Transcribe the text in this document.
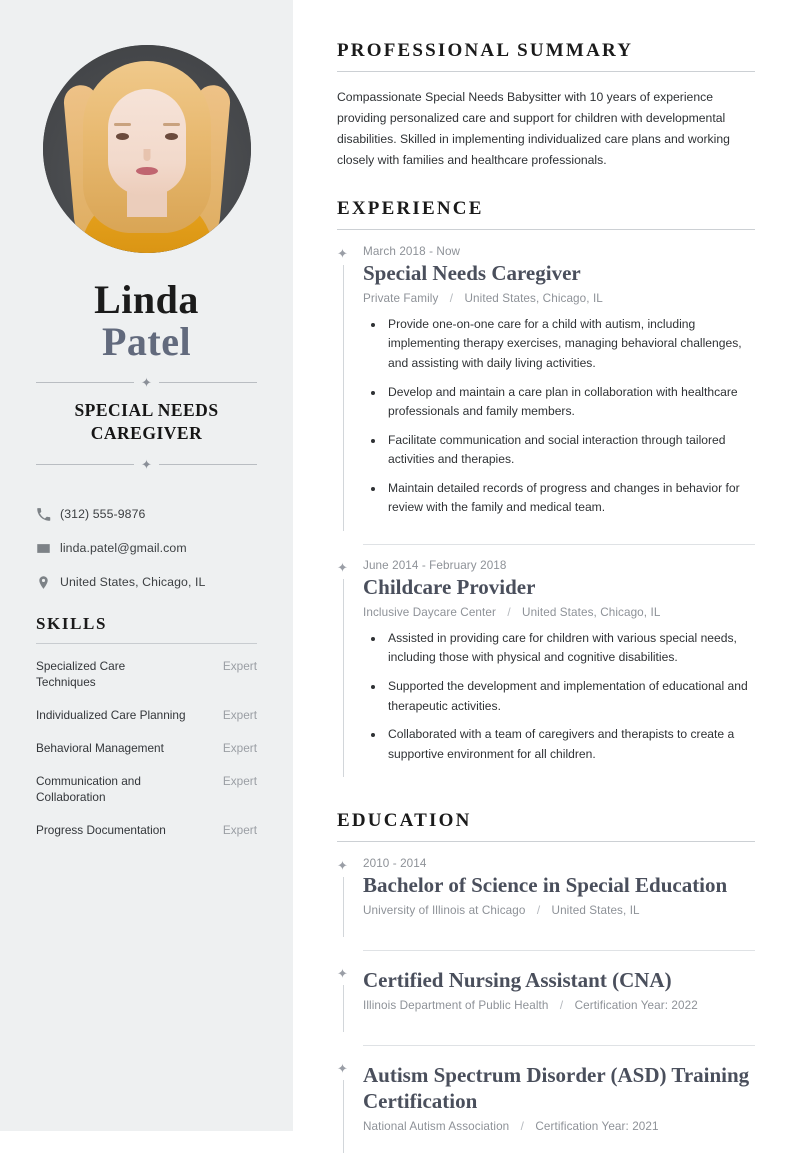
Linda
Patel
✦
SPECIAL NEEDS CAREGIVER
✦
(312) 555-9876
linda.patel@gmail.com
United States, Chicago, IL
SKILLS
Specialized Care Techniques
Expert
Individualized Care Planning	Expert
Behavioral Management	Expert
Communication and Collaboration
Expert
Progress Documentation	Expert
PROFESSIONAL SUMMARY

Compassionate Special Needs Babysitter with 10 years of experience providing personalized care and support for children with developmental disabilities. Skilled in implementing individualized care plans and working closely with families and healthcare professionals.

EXPERIENCE
✦ March 2018 - Now
Special Needs Caregiver
Private Family / United States, Chicago, IL
• Provide one-on-one care for a child with autism, including implementing therapy exercises, managing behavioral challenges, and assisting with daily living activities.
• Develop and maintain a care plan in collaboration with healthcare professionals and family members.
• Facilitate communication and social interaction through tailored activities and therapies.
• Maintain detailed records of progress and changes in behavior for review with the family and medical team.
✦ June 2014 - February 2018
Childcare Provider
Inclusive Daycare Center / United States, Chicago, IL
• Assisted in providing care for children with various special needs, including those with physical and cognitive disabilities.
• Supported the development and implementation of educational and therapeutic activities.
• Collaborated with a team of caregivers and therapists to create a supportive environment for all children.
EDUCATION
✦ 2010 - 2014
Bachelor of Science in Special Education
University of Illinois at Chicago / United States, IL
✦ Certified Nursing Assistant (CNA)
Illinois Department of Public Health / Certification Year: 2022
✦ Autism Spectrum Disorder (ASD) Training Certification
National Autism Association / Certification Year: 2021
